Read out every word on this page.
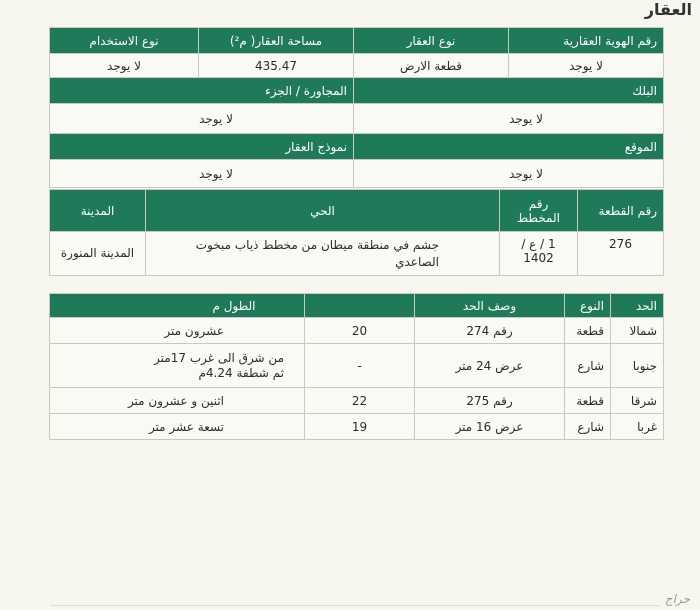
العقار
رقم الهوية العقارية	نوع العقار	مساحة العقار( م²)	نوع الاستخدام
لا يوجد	قطعة الارض	435.47	لا يوجد
البلك		المجاورة / الجزء	
لا يوجد		لا يوجد	
الموقع		نموذج العقار	
لا يوجد		لا يوجد	
رقم القطعة	رقم المخطط	الحي	المدينة
276	1 / ع / 1402	جشم في منطقة ميطان من مخطط ذياب مبخوت الصاعدي	المدينة المنورة
الحد	النوع	وصف الحد		الطول م
شمالا	قطعة	رقم 274	20	عشرون متر
جنوبا	شارع	عرض 24 متر	-	من شرق الى غرب 17متر ثم شطفة 4.24م
شرقا	قطعة	رقم 275	22	اثنين و عشرون متر
غربا	شارع	عرض 16 متر	19	تسعة عشر متر
حراج
